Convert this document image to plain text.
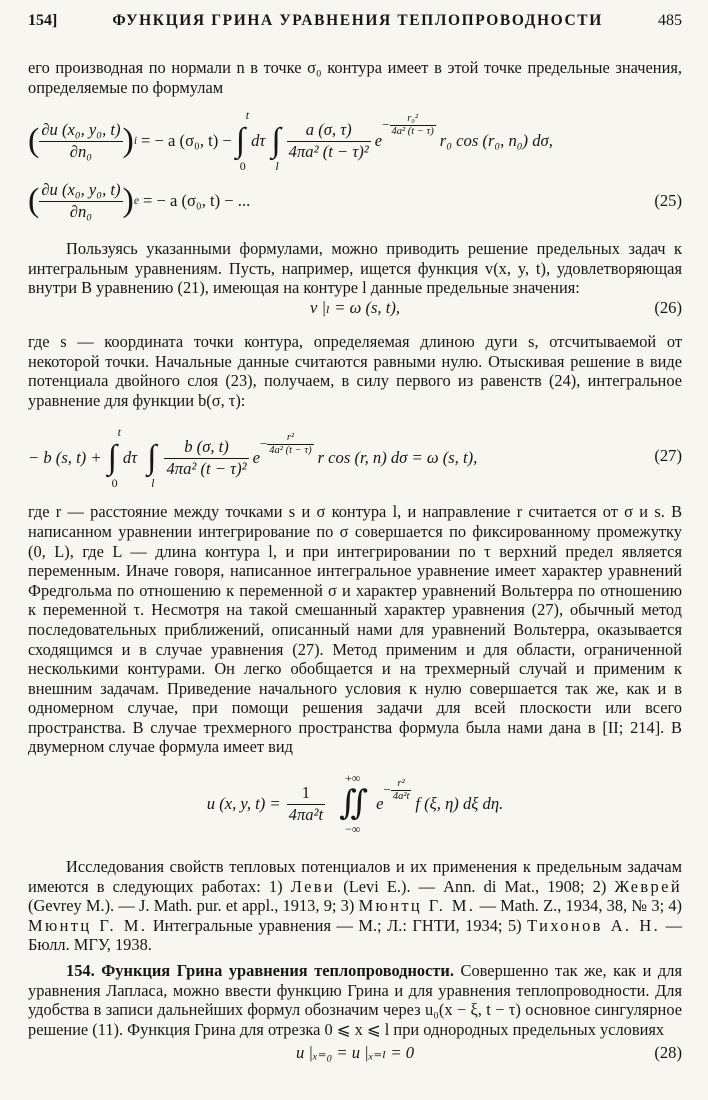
154]	ФУНКЦИЯ ГРИНА УРАВНЕНИЯ ТЕПЛОПРОВОДНОСТИ	485

его производная по нормали n в точке σ₀ контура имеет в этой точке предельные значения, определяемые по формулам

( $\frac{\text{∂u (x₀, y₀, t)}}{\text{∂n₀}}$ ) i = − a (σ₀, t) − ∫
t
0
dτ ∫
l
$\frac{a (\sigma, \tau)}{\text{4πa² (t − τ)²}}$ e
− $\frac{\text{r₀²}}{\text{4a² (t − τ)}}$
r₀ cos (r₀, n₀) dσ,
( $\frac{\text{∂u (x₀, y₀, t)}}{\text{∂n₀}}$ ) e = − a (σ₀, t) − ...	(25)

Пользуясь указанными формулами, можно приводить решение предельных задач к интегральным уравнениям. Пусть, например, ищется функция v(x, y, t), удовлетворяющая внутри B уравнению (21), имеющая на контуре l данные предельные значения:

v |ₗ = ω (s, t),	(26)

где s — координата точки контура, определяемая длиною дуги s, отсчитываемой от некоторой точки. Начальные данные считаются равными нулю. Отыскивая решение в виде потенциала двойного слоя (23), получаем, в силу первого из равенств (24), интегральное уравнение для функции b(σ, τ):

− b (s, t) + ∫
t
0
dτ ∫
l
$\frac{b (\sigma, t)}{\text{4πa² (t − τ)²}}$ e
− $\frac{\text{r²}}{\text{4a² (t − τ)}}$
r cos (r, n) dσ = ω (s, t),	(27)

где r — расстояние между точками s и σ контура l, и направление r считается от σ и s. В написанном уравнении интегрирование по σ совершается по фиксированному промежутку (0, L), где L — длина контура l, и при интегрировании по τ верхний предел является переменным. Иначе говоря, написанное интегральное уравнение имеет характер уравнений Фредгольма по отношению к переменной σ и характер уравнений Вольтерра по отношению к переменной τ. Несмотря на такой смешанный характер уравнения (27), обычный метод последовательных приближений, описанный нами для уравнений Вольтерра, оказывается сходящимся и в случае уравнения (27). Метод применим и для области, ограниченной несколькими контурами. Он легко обобщается и на трехмерный случай и применим к внешним задачам. Приведение начального условия к нулю совершается так же, как и в одномерном случае, при помощи решения задачи для всей плоскости или всего пространства. В случае трехмерного пространства формула была нами дана в [II; 214]. В двумерном случае формула имеет вид

u (x, y, $t) = \frac{1}{\text{4πa²t}}$ ∬
+∞
−∞
e
− $\frac{\text{r²}}{\text{4a²t}}$
f (ξ, η) dξ dη.

Исследования свойств тепловых потенциалов и их применения к предельным задачам имеются в следующих работах: 1) Леви (Levi E.). — Ann. di Mat., 1908; 2) Жеврей (Gevrey M.). — J. Math. pur. et appl., 1913, 9; 3) Мюнтц Г. М. — Math. Z., 1934, 38, № 3; 4) Мюнтц Г. М. Интегральные уравнения — М.; Л.: ГНТИ, 1934; 5) Тихонов А. Н. — Бюлл. МГУ, 1938.

154. Функция Грина уравнения теплопроводности. Совершенно так же, как и для уравнения Лапласа, можно ввести функцию Грина и для уравнения теплопроводности. Для удобства в записи дальнейших формул обозначим через u₀(x − ξ, t − τ) основное сингулярное решение (11). Функция Грина для отрезка 0 ⩽ x ⩽ l при однородных предельных условиях

u |ₓ₌₀ = u |ₓ₌ₗ = 0	(28)
